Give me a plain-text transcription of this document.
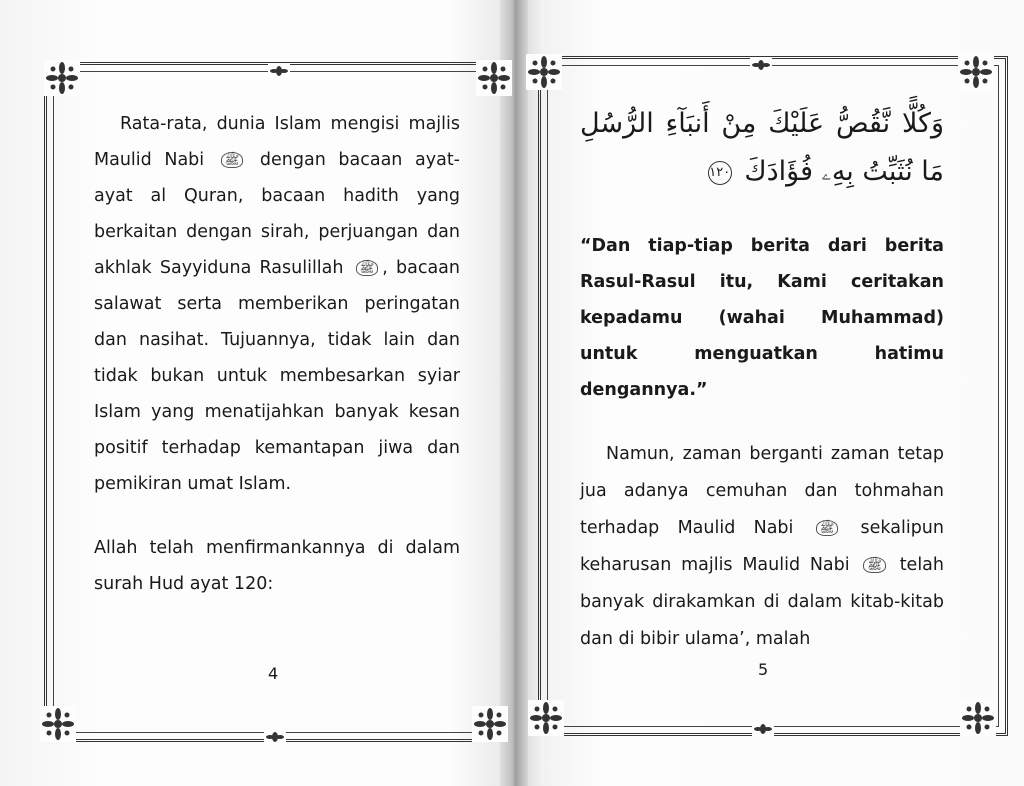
Rata-rata, dunia Islam mengisi majlis Maulid Nabi ﷺ dengan bacaan ayat-ayat al Quran, bacaan hadith yang berkaitan dengan sirah, perjuangan dan akhlak Sayyiduna Rasulillah ﷺ , bacaan salawat serta memberikan peringatan dan nasihat. Tujuannya, tidak lain dan tidak bukan untuk membesarkan syiar Islam yang menatijahkan banyak kesan positif terhadap kemantapan jiwa dan pemikiran umat Islam.

Allah telah menfirmankannya di dalam surah Hud ayat 120:

4
وَكُلًّا نَّقُصُّ عَلَيْكَ مِنْ أَنبَآءِ الرُّسُلِ مَا نُثَبِّتُ بِهِۦ فُؤَادَكَ ١٢٠

“Dan tiap-tiap berita dari berita Rasul-Rasul itu, Kami ceritakan kepadamu (wahai Muhammad) untuk menguatkan hatimu dengannya.”

Namun, zaman berganti zaman tetap jua adanya cemuhan dan tohmahan terhadap Maulid Nabi ﷺ sekalipun keharusan majlis Maulid Nabi ﷺ telah banyak dirakamkan di dalam kitab-kitab dan di bibir ulama’, malah

5
